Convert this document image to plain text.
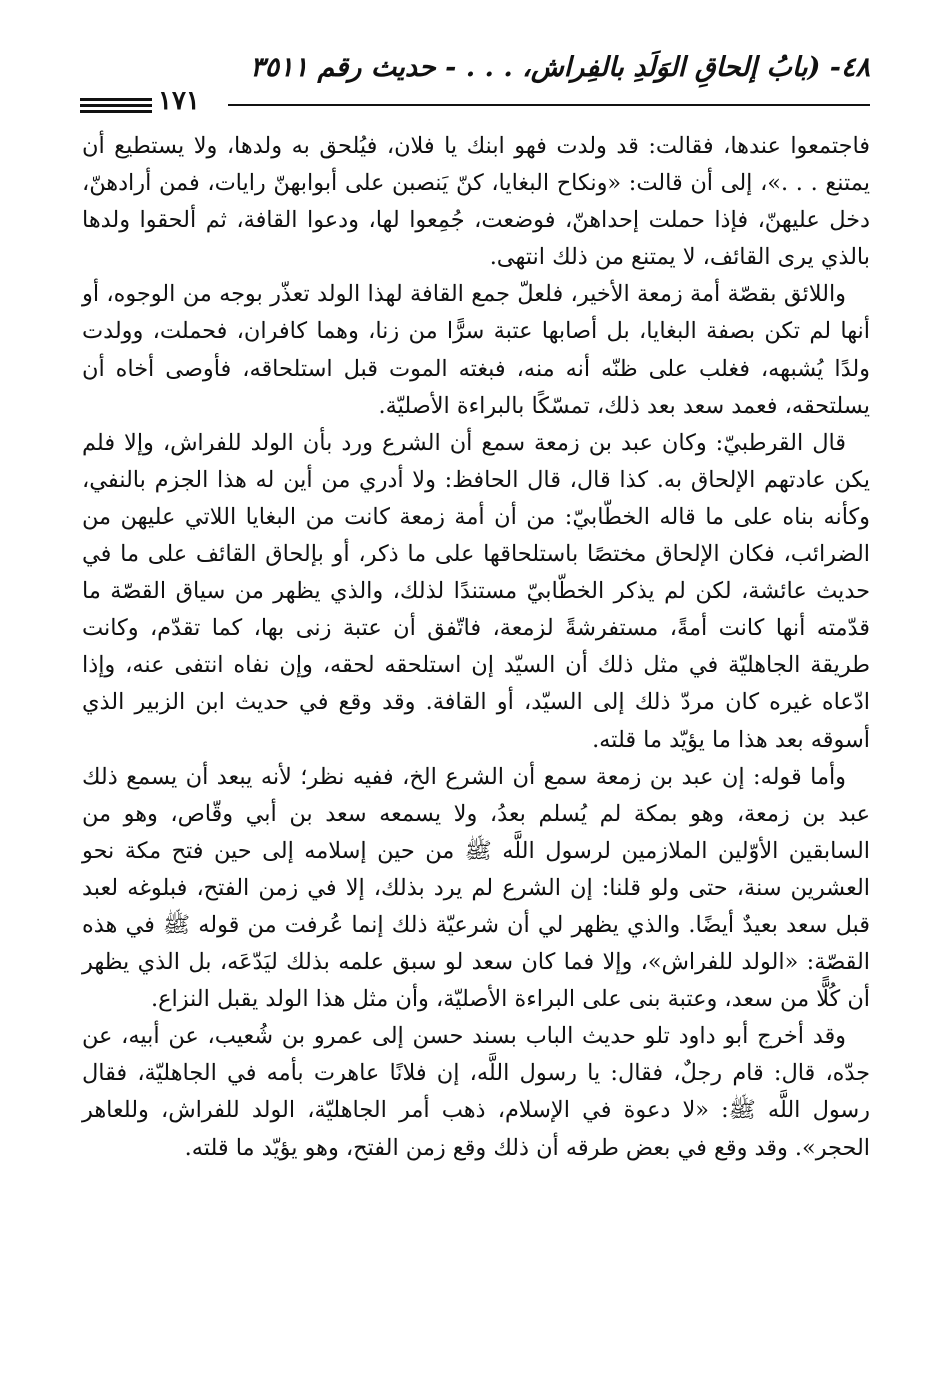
٤٨- (بابُ إلحاقِ الوَلَدِ بالفِراش، . . . - حديث رقم ٣٥١١
١٧١

فاجتمعوا عندها، فقالت: قد ولدت فهو ابنك يا فلان، فيُلحق به ولدها، ولا يستطيع أن يمتنع . . .»، إلى أن قالت: «ونكاح البغايا، كنّ يَنصبن على أبوابهنّ رايات، فمن أرادهنّ، دخل عليهنّ، فإذا حملت إحداهنّ، فوضعت، جُمِعوا لها، ودعوا القافة، ثم ألحقوا ولدها بالذي يرى القائف، لا يمتنع من ذلك انتهى.

واللائق بقصّة أمة زمعة الأخير، فلعلّ جمع القافة لهذا الولد تعذّر بوجه من الوجوه، أو أنها لم تكن بصفة البغايا، بل أصابها عتبة سرًّا من زنا، وهما كافران، فحملت، وولدت ولدًا يُشبهه، فغلب على ظنّه أنه منه، فبغته الموت قبل استلحاقه، فأوصى أخاه أن يسلتحقه، فعمد سعد بعد ذلك، تمسّكًا بالبراءة الأصليّة.

قال القرطبيّ: وكان عبد بن زمعة سمع أن الشرع ورد بأن الولد للفراش، وإلا فلم يكن عادتهم الإلحاق به. كذا قال، قال الحافظ: ولا أدري من أين له هذا الجزم بالنفي، وكأنه بناه على ما قاله الخطّابيّ: من أن أمة زمعة كانت من البغايا اللاتي عليهن من الضرائب، فكان الإلحاق مختصًا باستلحاقها على ما ذكر، أو بإلحاق القائف على ما في حديث عائشة، لكن لم يذكر الخطّابيّ مستندًا لذلك، والذي يظهر من سياق القصّة ما قدّمته أنها كانت أمةً، مستفرشةً لزمعة، فاتّفق أن عتبة زنى بها، كما تقدّم، وكانت طريقة الجاهليّة في مثل ذلك أن السيّد إن استلحقه لحقه، وإن نفاه انتفى عنه، وإذا ادّعاه غيره كان مردّ ذلك إلى السيّد، أو القافة. وقد وقع في حديث ابن الزبير الذي أسوقه بعد هذا ما يؤيّد ما قلته.

وأما قوله: إن عبد بن زمعة سمع أن الشرع الخ، ففيه نظر؛ لأنه يبعد أن يسمع ذلك عبد بن زمعة، وهو بمكة لم يُسلم بعدُ، ولا يسمعه سعد بن أبي وقّاص، وهو من السابقين الأوّلين الملازمين لرسول اللَّه ﷺ من حين إسلامه إلى حين فتح مكة نحو العشرين سنة، حتى ولو قلنا: إن الشرع لم يرد بذلك، إلا في زمن الفتح، فبلوغه لعبد قبل سعد بعيدٌ أيضًا. والذي يظهر لي أن شرعيّة ذلك إنما عُرفت من قوله ﷺ في هذه القصّة: «الولد للفراش»، وإلا فما كان سعد لو سبق علمه بذلك ليَدّعَه، بل الذي يظهر أن كُلًّا من سعد، وعتبة بنى على البراءة الأصليّة، وأن مثل هذا الولد يقبل النزاع.

وقد أخرج أبو داود تلو حديث الباب بسند حسن إلى عمرو بن شُعيب، عن أبيه، عن جدّه، قال: قام رجلٌ، فقال: يا رسول اللَّه، إن فلانًا عاهرت بأمه في الجاهليّة، فقال رسول اللَّه ﷺ: «لا دعوة في الإسلام، ذهب أمر الجاهليّة، الولد للفراش، وللعاهر الحجر». وقد وقع في بعض طرقه أن ذلك وقع زمن الفتح، وهو يؤيّد ما قلته.
